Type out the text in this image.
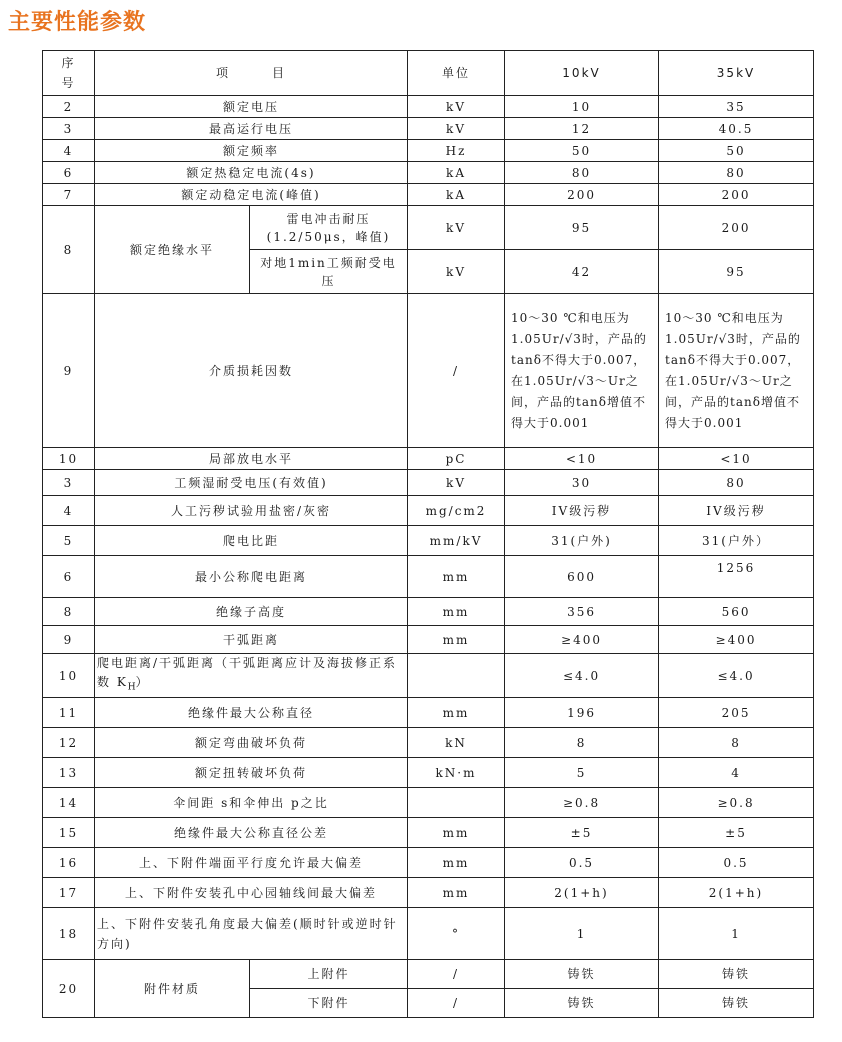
主要性能参数
序号	项　　　目		单位	10kV	35kV
2	额定电压		kV	10	35
3	最高运行电压		kV	12	40.5
4	额定频率		Hz	50	50
6	额定热稳定电流(4s)		kA	80	80
7	额定动稳定电流(峰值)		kA	200	200
8	额定绝缘水平	雷电冲击耐压 (1.2/50μs，峰值)	kV	95	200
		对地1min工频耐受电压	kV	42	95
9	介质损耗因数		/	10～30 ℃和电压为1.05Ur/√3时，产品的tanδ不得大于0.007，在1.05Ur/√3～Ur之间，产品的tanδ增值不得大于0.001	10～30 ℃和电压为1.05Ur/√3时，产品的tanδ不得大于0.007，在1.05Ur/√3～Ur之间，产品的tanδ增值不得大于0.001
10	局部放电水平		pC	<10	<10
3	工频湿耐受电压(有效值)		kV	30	80
4	人工污秽试验用盐密/灰密		mg/cm2	IV级污秽	IV级污秽
5	爬电比距		mm/kV	31(户外)	31(户外）
6	最小公称爬电距离		mm	600	1256
8	绝缘子高度		mm	356	560
9	干弧距离		mm	≥400	≥400
10	爬电距离/干弧距离（干弧距离应计及海拔修正系数 $K_H$）			≤4.0	≤4.0
11	绝缘件最大公称直径		mm	196	205
12	额定弯曲破坏负荷		kN	8	8
13	额定扭转破坏负荷		kN·m	5	4
14	伞间距 s和伞伸出 p之比			≥0.8	≥0.8
15	绝缘件最大公称直径公差		mm	±5	±5
16	上、下附件端面平行度允许最大偏差		mm	0.5	0.5
17	上、下附件安装孔中心园轴线间最大偏差		mm	2(1+h)	2(1+h)
18	上、下附件安装孔角度最大偏差(顺时针或逆时针方向)		°	1	1
20	附件材质	上附件	/	铸铁	铸铁
		下附件	/	铸铁	铸铁
